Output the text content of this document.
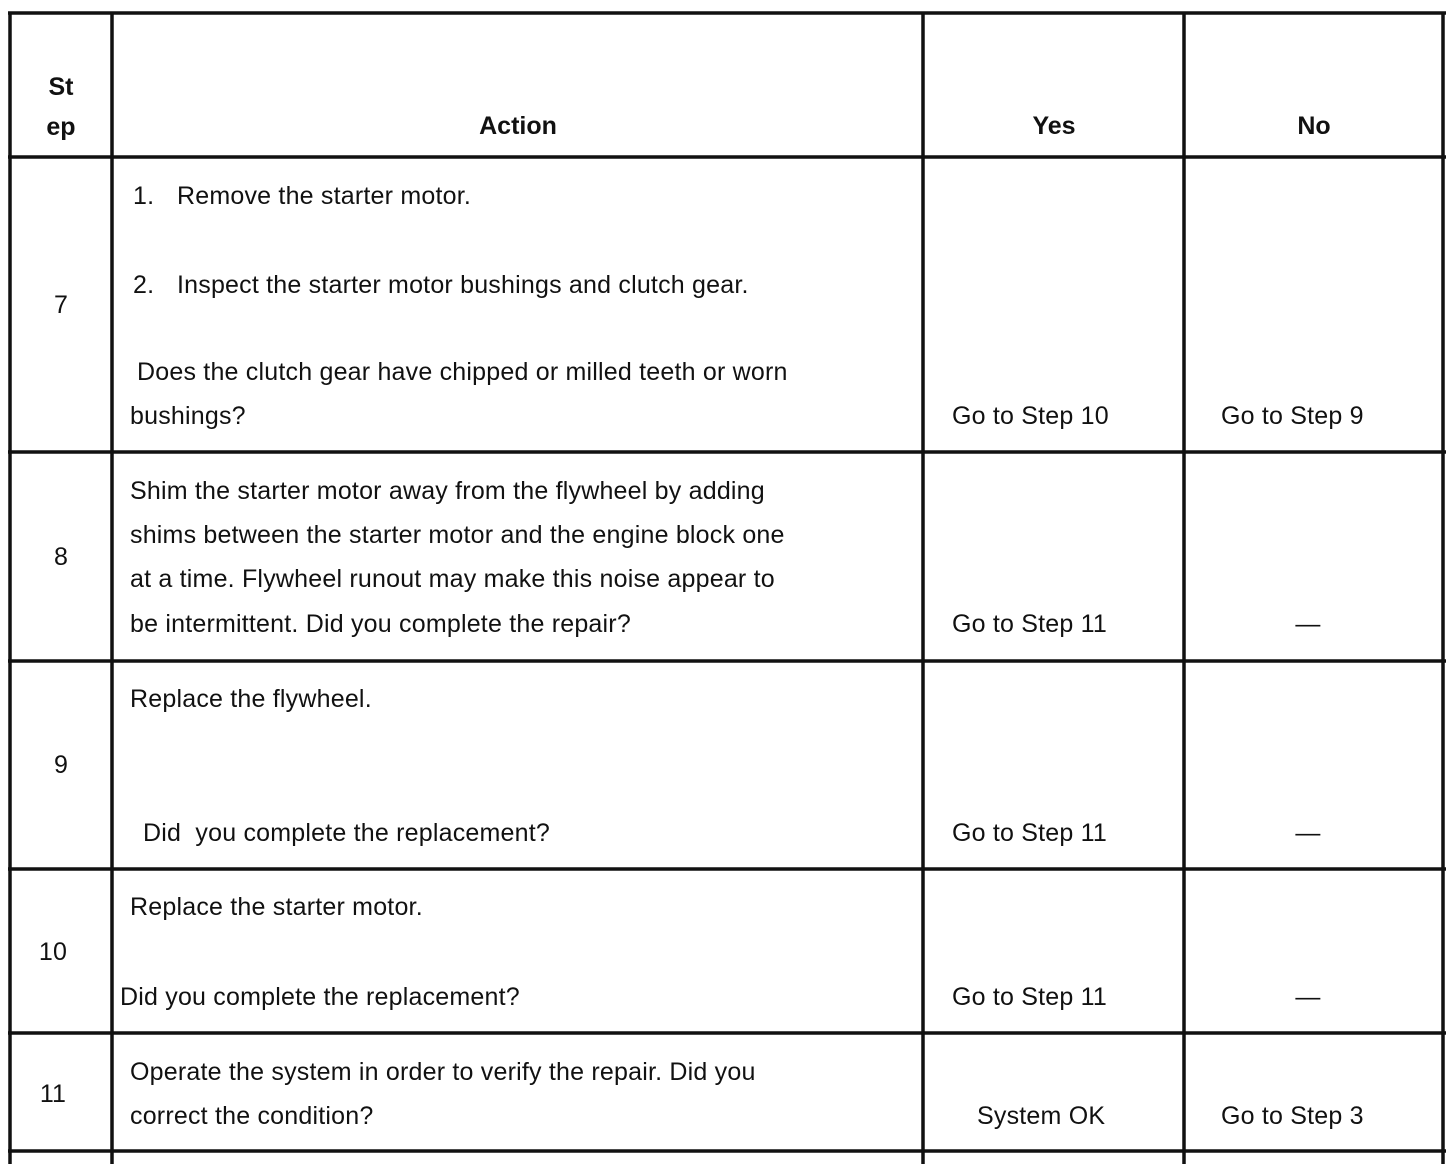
St
ep	Action	Yes	No
7
1. Remove the starter motor.
2. Inspect the starter motor bushings and clutch gear.
Does the clutch gear have chipped or milled teeth or worn
bushings?	Go to Step 10	Go to Step 9
8
Shim the starter motor away from the flywheel by adding
shims between the starter motor and the engine block one
at a time. Flywheel runout may make this noise appear to
be intermittent. Did you complete the repair?	Go to Step 11	—
9
Replace the flywheel.
Did  you complete the replacement?	Go to Step 11	—
10
Replace the starter motor.
Did you complete the replacement?	Go to Step 11	—
11
Operate the system in order to verify the repair. Did you
correct the condition?	System OK	Go to Step 3
